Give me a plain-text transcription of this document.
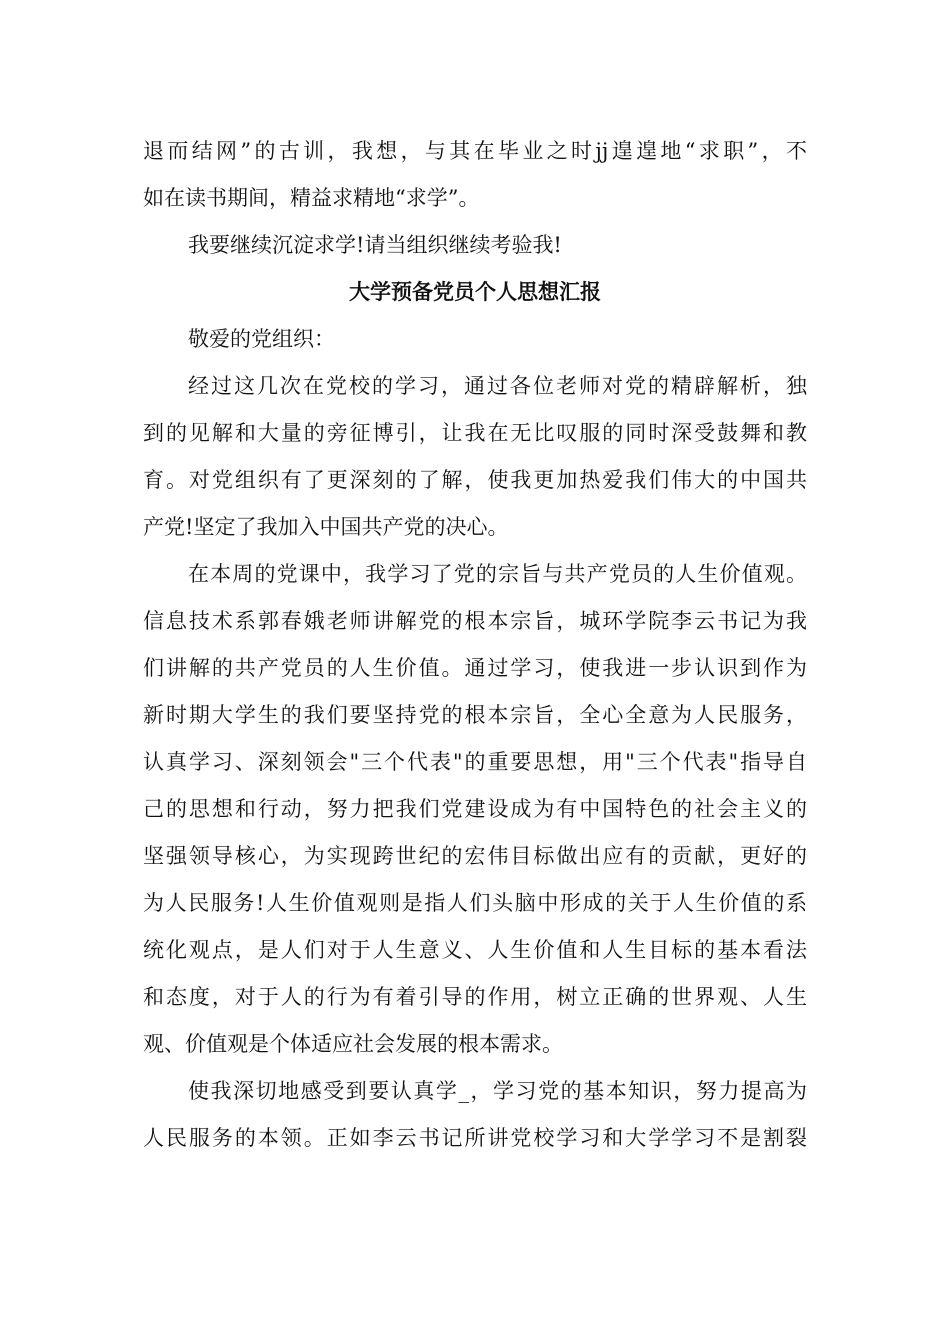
退而结网”的古训，我想，与其在毕业之时jj遑遑地“求职”，不
如在读书期间，精益求精地“求学”。
我要继续沉淀求学!请当组织继续考验我!
大学预备党员个人思想汇报
敬爱的党组织：
经过这几次在党校的学习，通过各位老师对党的精辟解析，独
到的见解和大量的旁征博引，让我在无比叹服的同时深受鼓舞和教
育。对党组织有了更深刻的了解，使我更加热爱我们伟大的中国共
产党!坚定了我加入中国共产党的决心。
在本周的党课中，我学习了党的宗旨与共产党员的人生价值观。
信息技术系郭春娥老师讲解党的根本宗旨，城环学院李云书记为我
们讲解的共产党员的人生价值。通过学习，使我进一步认识到作为
新时期大学生的我们要坚持党的根本宗旨，全心全意为人民服务，
认真学习、深刻领会"三个代表"的重要思想，用"三个代表"指导自
己的思想和行动，努力把我们党建设成为有中国特色的社会主义的
坚强领导核心，为实现跨世纪的宏伟目标做出应有的贡献，更好的
为人民服务!人生价值观则是指人们头脑中形成的关于人生价值的系
统化观点，是人们对于人生意义、人生价值和人生目标的基本看法
和态度，对于人的行为有着引导的作用，树立正确的世界观、人生
观、价值观是个体适应社会发展的根本需求。
使我深切地感受到要认真学_，学习党的基本知识，努力提高为
人民服务的本领。正如李云书记所讲党校学习和大学学习不是割裂
